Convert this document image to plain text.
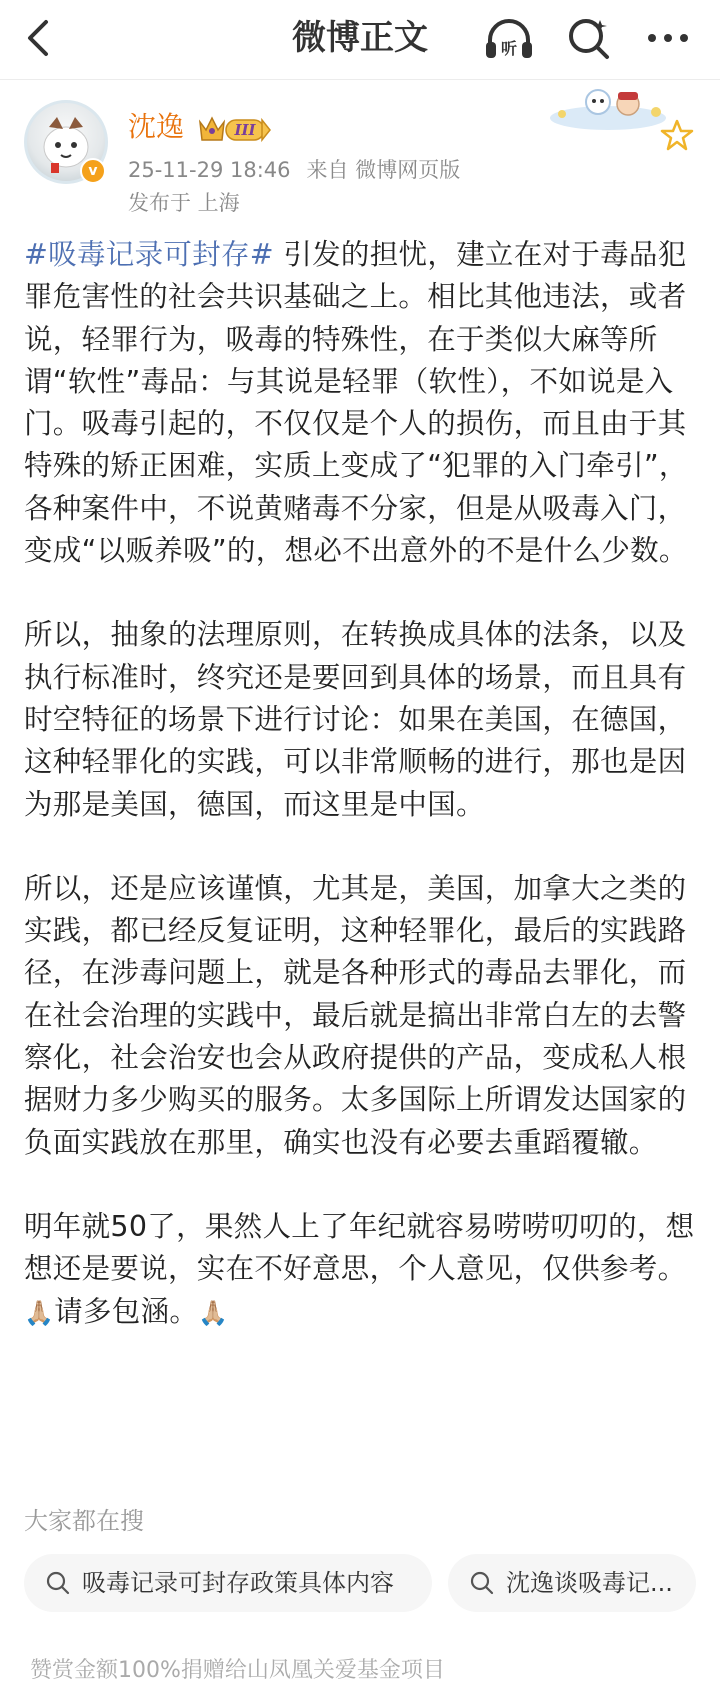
微博正文	听
v
沈逸	III
25-11-29 18:46 来自 微博网页版
发布于 上海

#吸毒记录可封存# 引发的担忧，建立在对于毒品犯罪危害性的社会共识基础之上。相比其他违法，或者说，轻罪行为，吸毒的特殊性，在于类似大麻等所谓“软性”毒品：与其说是轻罪（软性），不如说是入门。吸毒引起的，不仅仅是个人的损伤，而且由于其特殊的矫正困难，实质上变成了“犯罪的入门牵引”，各种案件中，不说黄赌毒不分家，但是从吸毒入门，变成“以贩养吸”的，想必不出意外的不是什么少数。

所以，抽象的法理原则，在转换成具体的法条，以及执行标准时，终究还是要回到具体的场景，而且具有时空特征的场景下进行讨论：如果在美国，在德国，这种轻罪化的实践，可以非常顺畅的进行，那也是因为那是美国，德国，而这里是中国。

所以，还是应该谨慎，尤其是，美国，加拿大之类的实践，都已经反复证明，这种轻罪化，最后的实践路径，在涉毒问题上，就是各种形式的毒品去罪化，而在社会治理的实践中，最后就是搞出非常白左的去警察化，社会治安也会从政府提供的产品，变成私人根据财力多少购买的服务。太多国际上所谓发达国家的负面实践放在那里，确实也没有必要去重蹈覆辙。

明年就50了，果然人上了年纪就容易唠唠叨叨的，想想还是要说，实在不好意思，个人意见，仅供参考。🙏🏼请多包涵。🙏🏼

大家都在搜
吸毒记录可封存政策具体内容	沈逸谈吸毒记...
赞赏金额100%捐赠给山凤凰关爱基金项目
